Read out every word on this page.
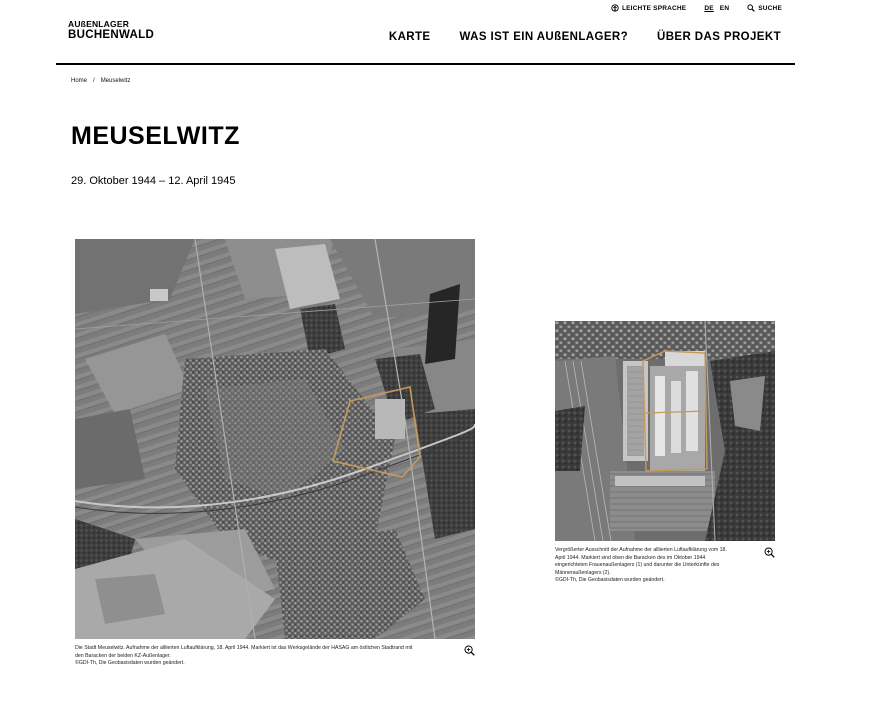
AUßENLAGER
BUCHENWALD
LEICHTE SPRACHE	DE EN	SUCHE
KARTE	WAS IST EIN AUßENLAGER?	ÜBER DAS PROJEKT
Home / Meuselwitz
MEUSELWITZ
29. Oktober 1944 – 12. April 1945
Die Stadt Meuselwitz. Aufnahme der alliierten Luftaufklärung, 18. April 1944. Markiert ist das Werksgelände der HASAG am östlichen Stadtrand mit
den Baracken der beiden KZ-Außenlager.
©GDI-Th, Die Geobasisdaten wurden geändert.
Vergrößerter Ausschnitt der Aufnahme der alliierten Luftaufklärung vom 18.
April 1944. Markiert sind oben die Baracken des im Oktober 1944
eingerichteten Frauenaußenlagers (1) und darunter die Unterkünfte des
Männeraußenlagers (2).
©GDI-Th, Die Geobasisdaten wurden geändert.
